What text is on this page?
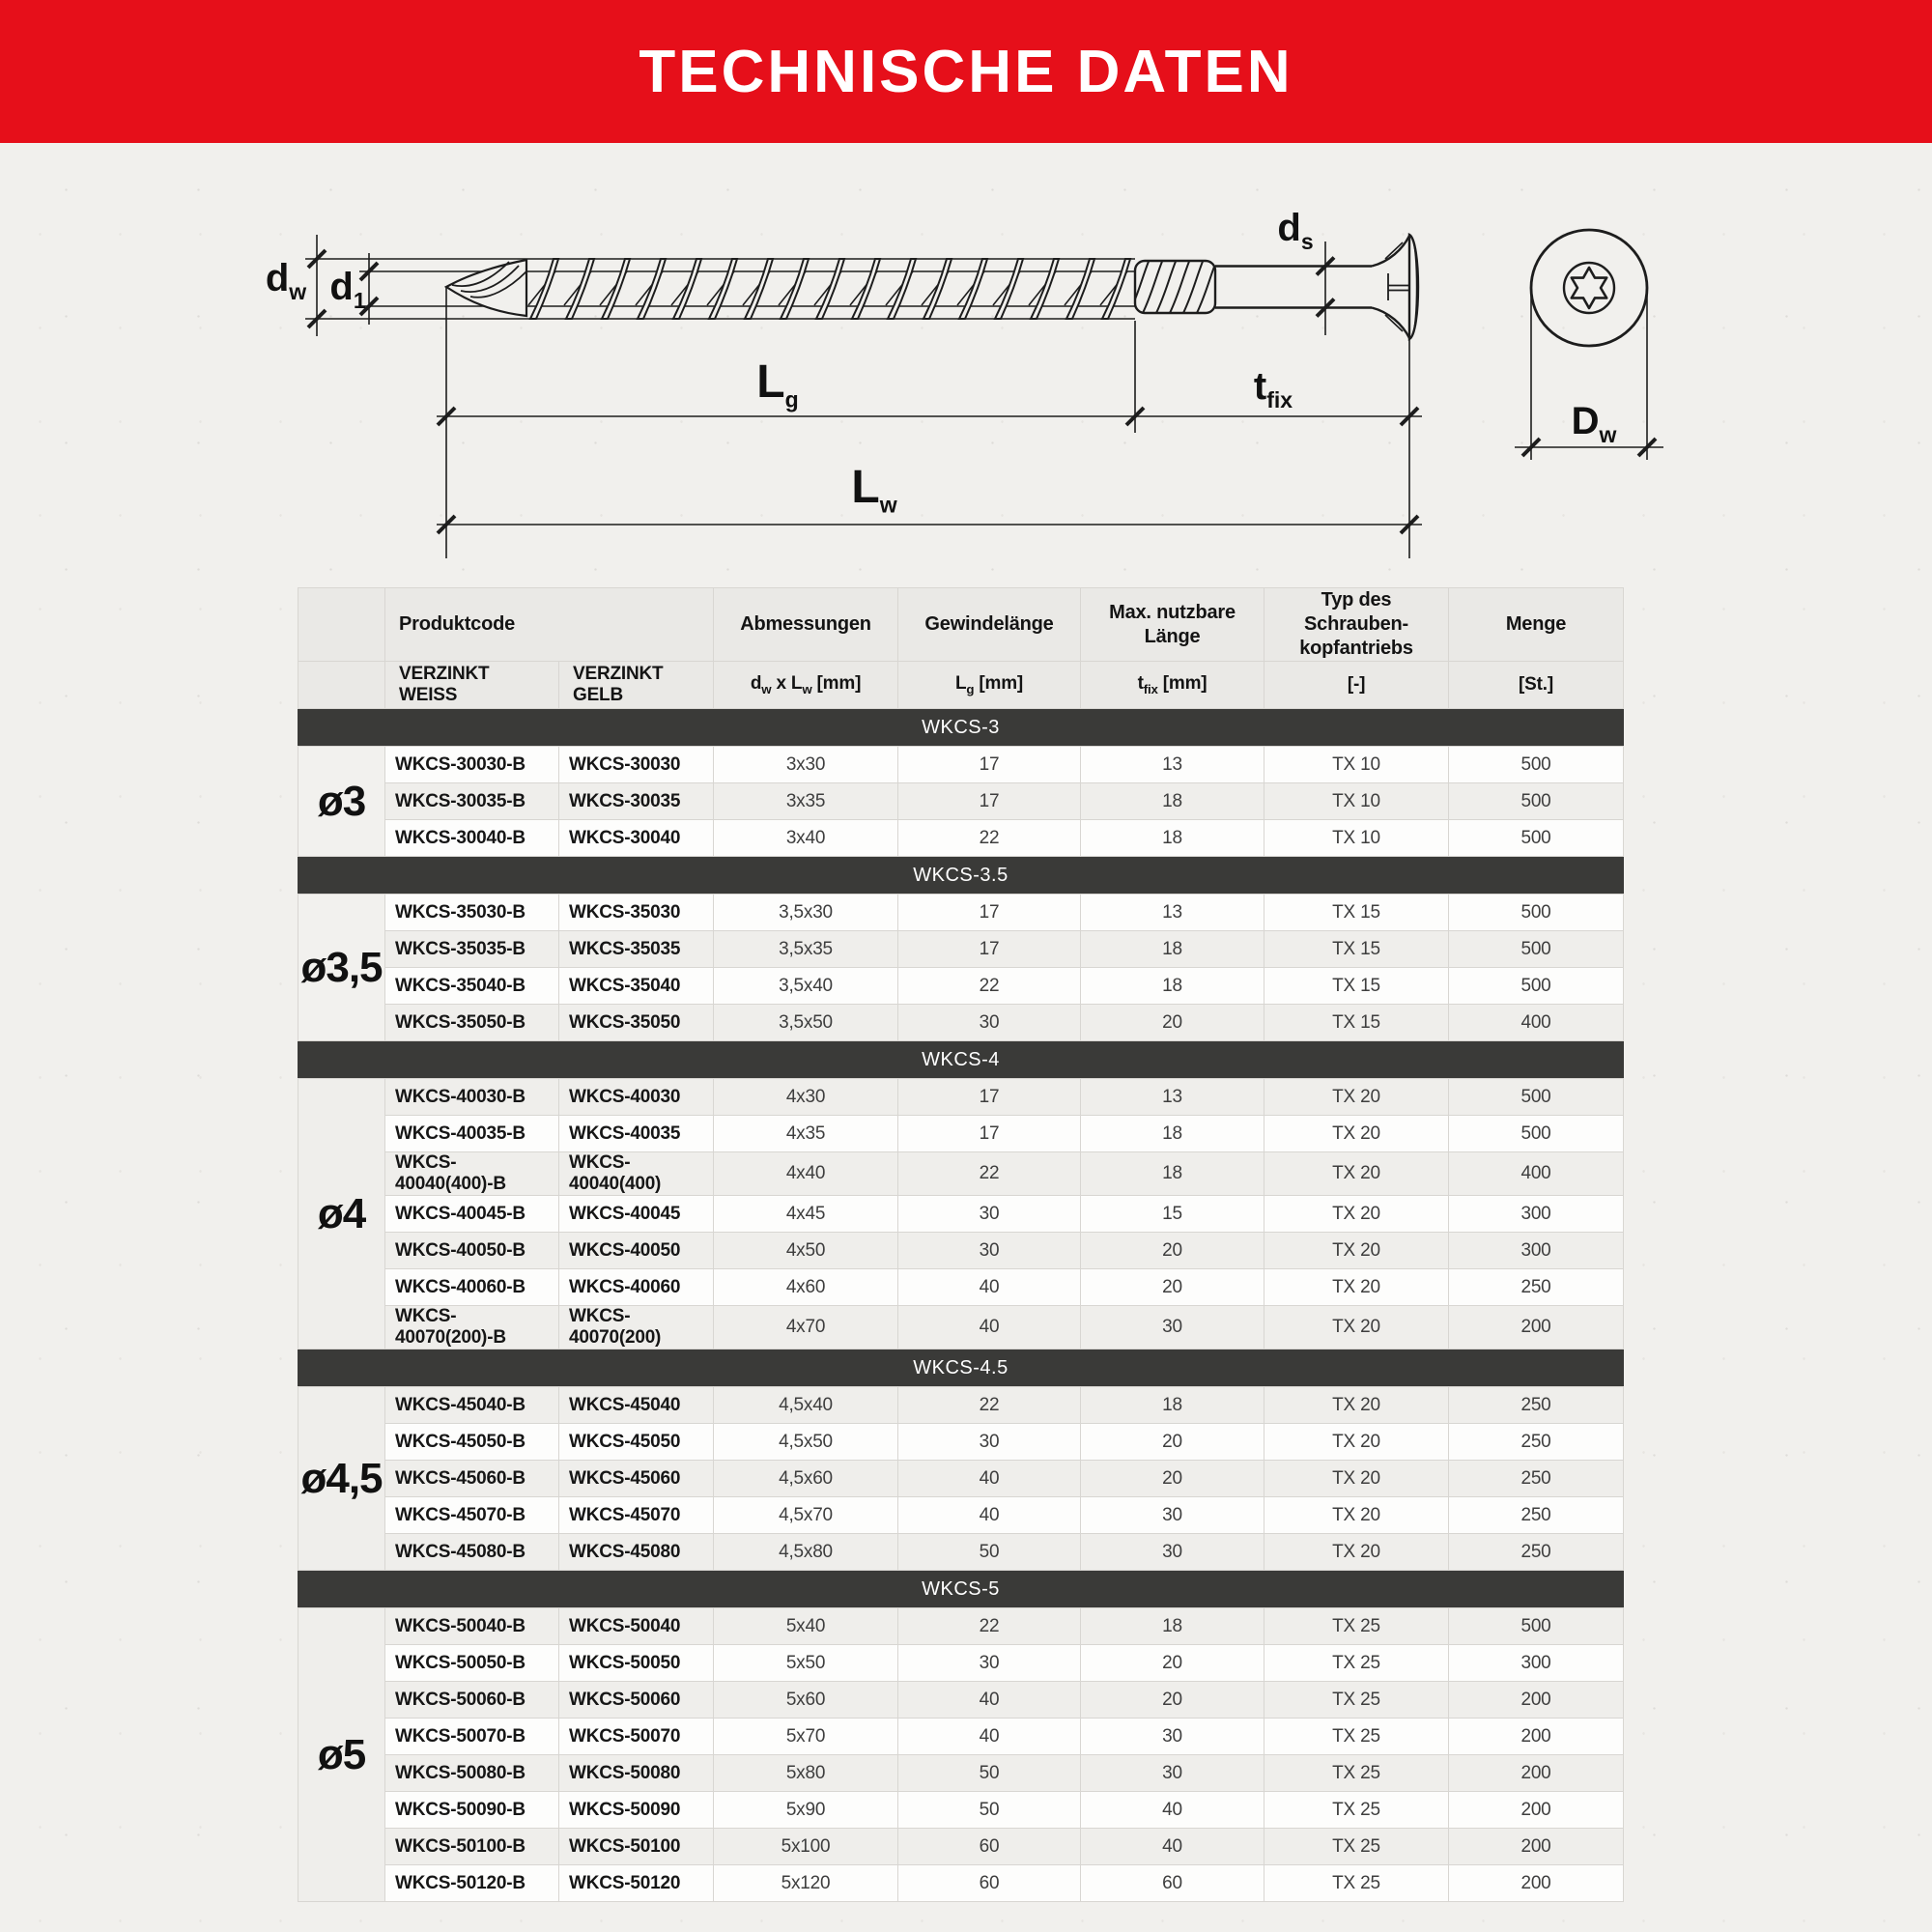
TECHNISCHE DATEN
$d_w$ $d_1$
$d_s$
$L_g$	$t_{fix}$
$L_w$
$D_w$
	Produktcode		Abmessungen	Gewindelänge	Max. nutzbare Länge	Typ des Schrauben-kopfantriebs	Menge
	VERZINKT WEISS	VERZINKT GELB	$d_w$ x $L_w$ [mm]	$L_g$ [mm]	$t_{fix}$ [mm]	[-]	[St.]
WKCS-3							
ø3	WKCS-30030-B	WKCS-30030	3x30	17	13	TX 10	500
	WKCS-30035-B	WKCS-30035	3x35	17	18	TX 10	500
	WKCS-30040-B	WKCS-30040	3x40	22	18	TX 10	500
WKCS-3.5							
ø3,5	WKCS-35030-B	WKCS-35030	3,5x30	17	13	TX 15	500
	WKCS-35035-B	WKCS-35035	3,5x35	17	18	TX 15	500
	WKCS-35040-B	WKCS-35040	3,5x40	22	18	TX 15	500
	WKCS-35050-B	WKCS-35050	3,5x50	30	20	TX 15	400
WKCS-4							
ø4	WKCS-40030-B	WKCS-40030	4x30	17	13	TX 20	500
	WKCS-40035-B	WKCS-40035	4x35	17	18	TX 20	500
	WKCS-40040(400)-B	WKCS-40040(400)	4x40	22	18	TX 20	400
	WKCS-40045-B	WKCS-40045	4x45	30	15	TX 20	300
	WKCS-40050-B	WKCS-40050	4x50	30	20	TX 20	300
	WKCS-40060-B	WKCS-40060	4x60	40	20	TX 20	250
	WKCS-40070(200)-B	WKCS-40070(200)	4x70	40	30	TX 20	200
WKCS-4.5							
ø4,5	WKCS-45040-B	WKCS-45040	4,5x40	22	18	TX 20	250
	WKCS-45050-B	WKCS-45050	4,5x50	30	20	TX 20	250
	WKCS-45060-B	WKCS-45060	4,5x60	40	20	TX 20	250
	WKCS-45070-B	WKCS-45070	4,5x70	40	30	TX 20	250
	WKCS-45080-B	WKCS-45080	4,5x80	50	30	TX 20	250
WKCS-5							
ø5	WKCS-50040-B	WKCS-50040	5x40	22	18	TX 25	500
	WKCS-50050-B	WKCS-50050	5x50	30	20	TX 25	300
	WKCS-50060-B	WKCS-50060	5x60	40	20	TX 25	200
	WKCS-50070-B	WKCS-50070	5x70	40	30	TX 25	200
	WKCS-50080-B	WKCS-50080	5x80	50	30	TX 25	200
	WKCS-50090-B	WKCS-50090	5x90	50	40	TX 25	200
	WKCS-50100-B	WKCS-50100	5x100	60	40	TX 25	200
	WKCS-50120-B	WKCS-50120	5x120	60	60	TX 25	200
